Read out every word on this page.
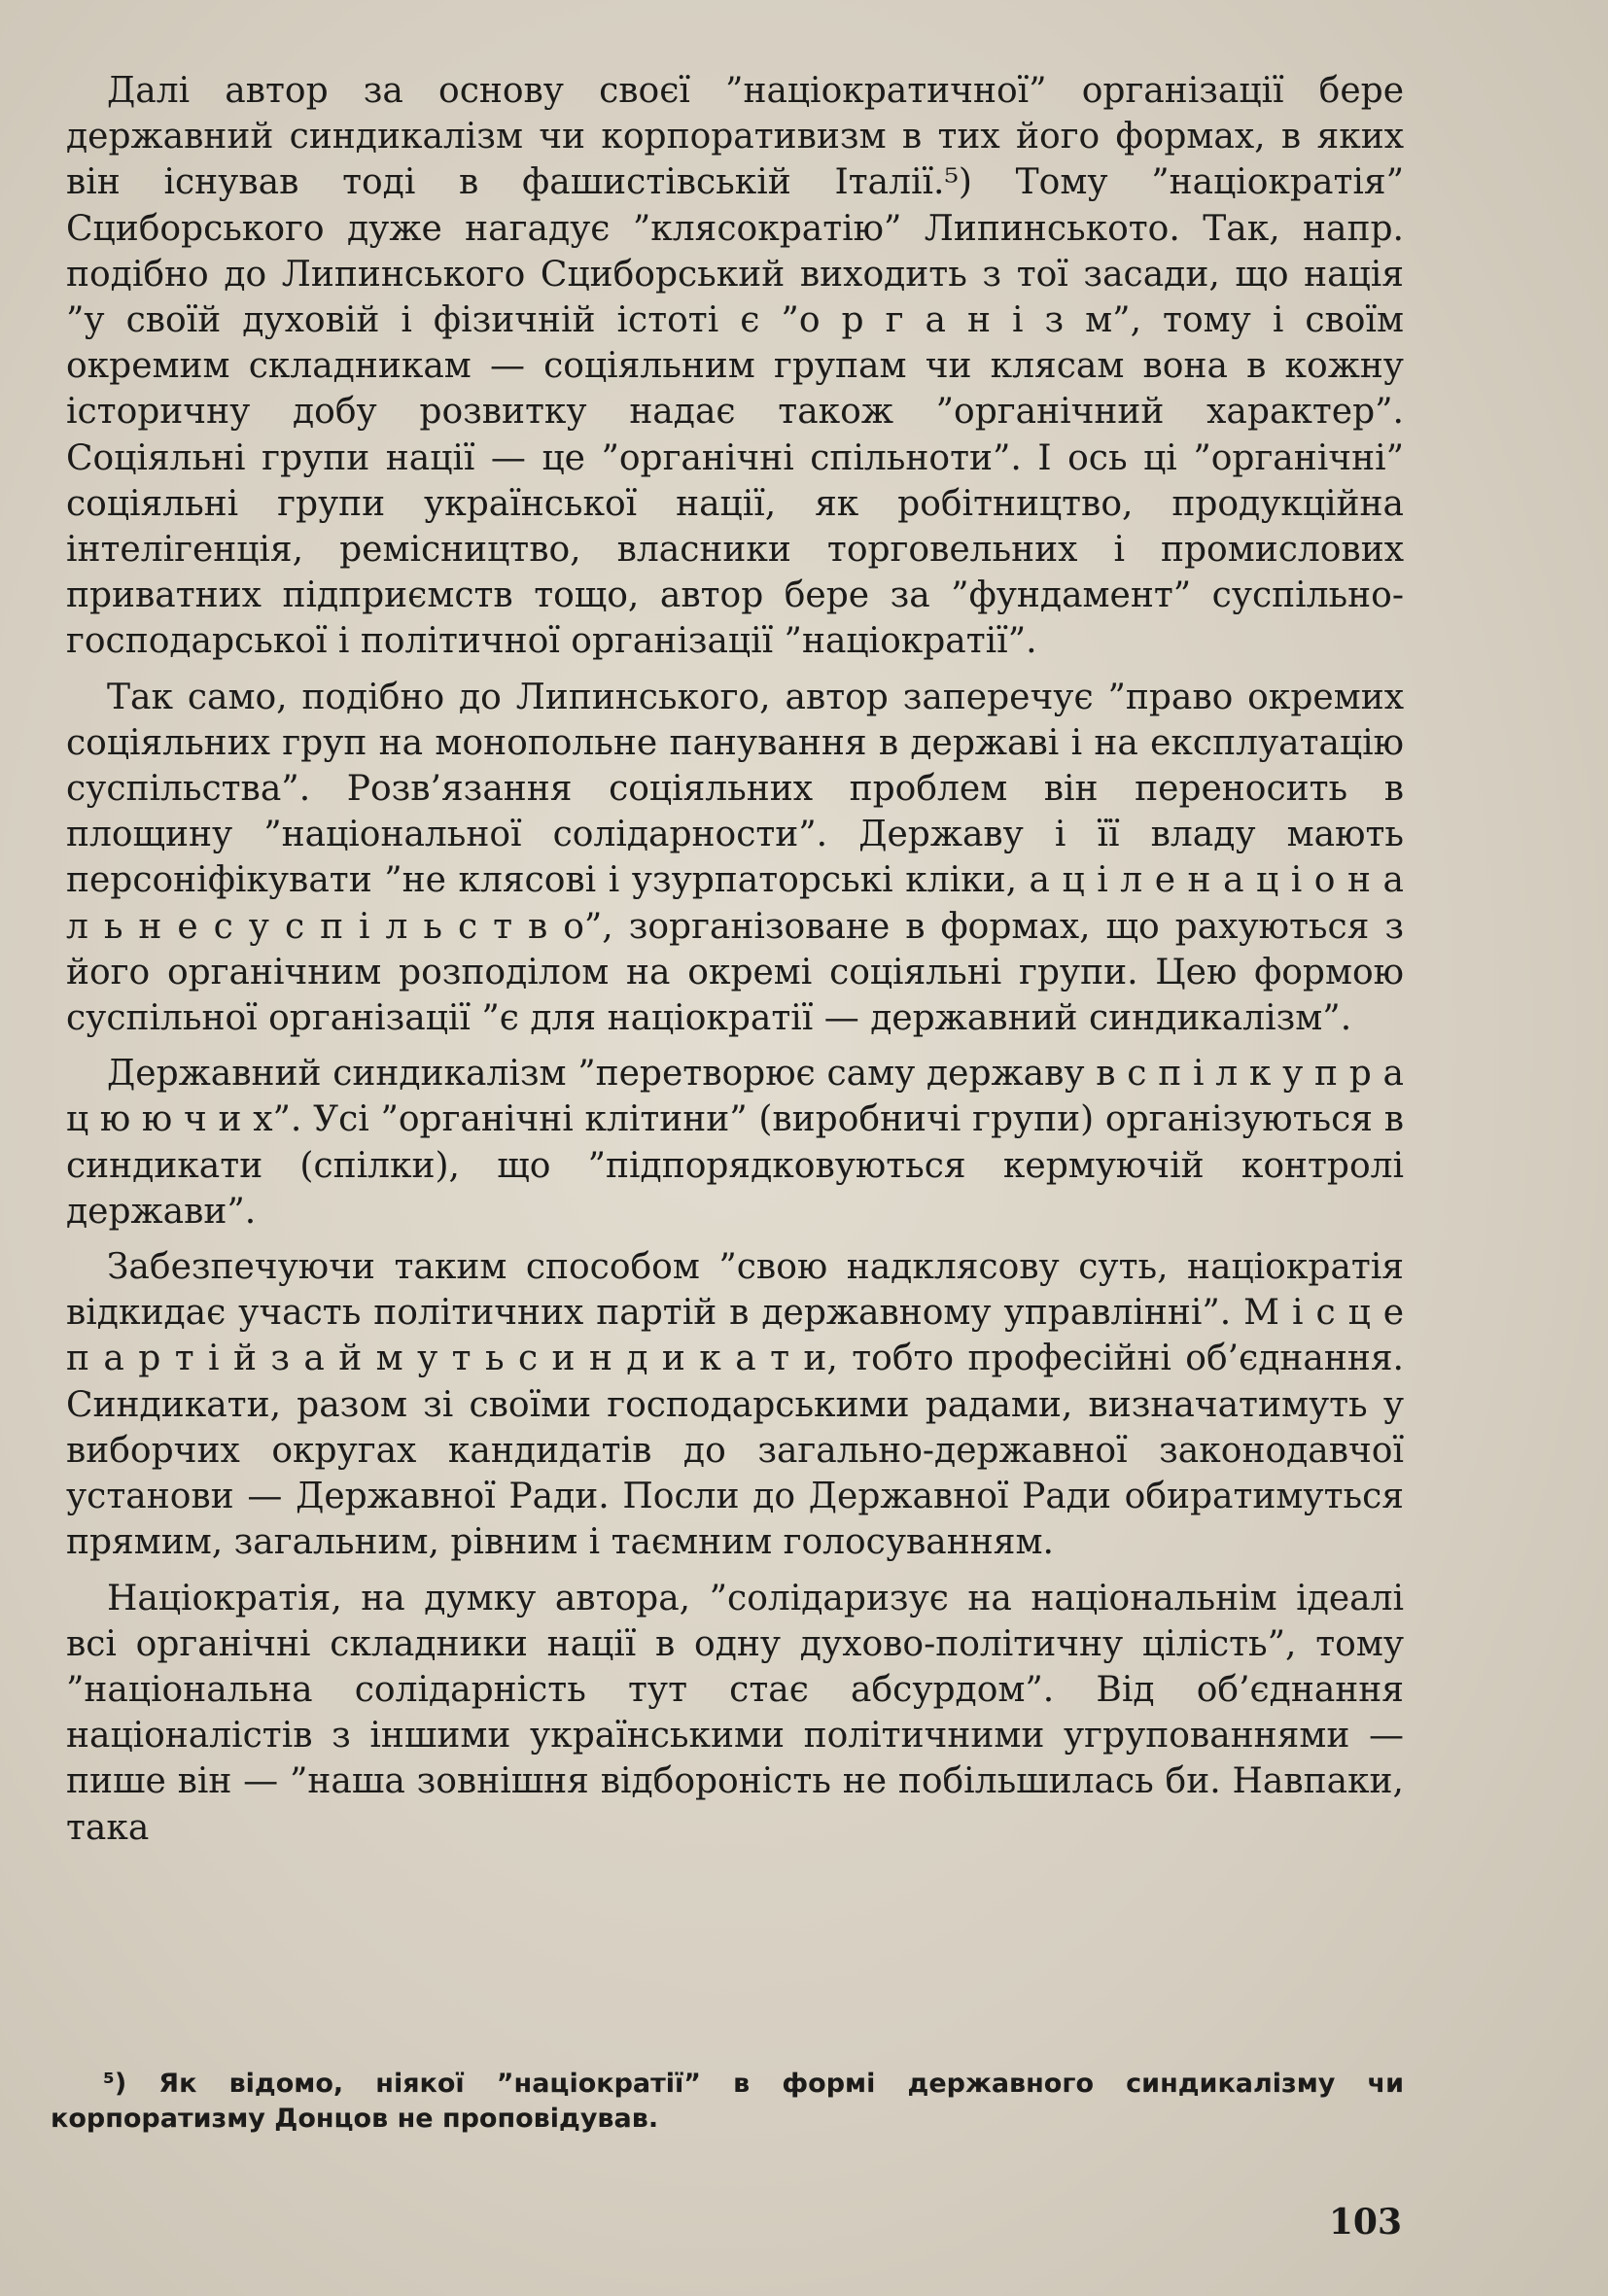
Далі автор за основу своєї ”націократичної” організації бере державний синдикалізм чи корпоративизм в тих його формах, в яких він існував тоді в фашистівській Італії.⁵) Тому ”націократія” Сциборського дуже нагадує ”клясократію” Липинськото. Так, напр. подібно до Липинського Сциборський виходить з тої засади, що нація ”у своїй духовій і фізичній істоті є ”о р г а н і з м”, тому і своїм окремим складникам — соціяльним групам чи клясам вона в кожну історичну добу розвитку надає також ”органічний характер”. Соціяльні групи нації — це ”органічні спільноти”. І ось ці ”органічні” соціяльні групи української нації, як робітництво, продукційна інтелігенція, ремісництво, власники торговельних і промислових приватних підприємств тощо, автор бере за ”фундамент” суспільно-господарської і політичної організації ”націократії”.

Так само, подібно до Липинського, автор заперечує ”право окремих соціяльних груп на монопольне панування в державі і на експлуатацію суспільства”. Розв’язання соціяльних проблем він переносить в площину ”національної солідарности”. Державу і її владу мають персоніфікувати ”не клясові і узурпаторські кліки, а ц і л е н а ц і о н а л ь н е с у с п і л ь с т в о”, зорганізоване в формах, що рахуються з його органічним розподілом на окремі соціяльні групи. Цею формою суспільної організації ”є для націократії — державний синдикалізм”.

Державний синдикалізм ”перетворює саму державу в с п і л к у п р а ц ю ю ч и х”. Усі ”органічні клітини” (виробничі групи) організуються в синдикати (спілки), що ”підпорядковуються кермуючій контролі держави”.

Забезпечуючи таким способом ”свою надклясову суть, націократія відкидає участь політичних партій в державному управлінні”. М і с ц е п а р т і й з а й м у т ь с и н д и к а т и, тобто професійні об’єднання. Синдикати, разом зі своїми господарськими радами, визначатимуть у виборчих округах кандидатів до загально-державної законодавчої установи — Державної Ради. Посли до Державної Ради обиратимуться прямим, загальним, рівним і таємним голосуванням.

Націократія, на думку автора, ”солідаризує на національнім ідеалі всі органічні складники нації в одну духово-політичну цілість”, тому ”національна солідарність тут стає абсурдом”. Від об’єднання націоналістів з іншими українськими політичними угрупованнями — пише він — ”наша зовнішня відбороність не побільшилась би. Навпаки, така

⁵) Як відомо, ніякої ”націократії” в формі державного синдикалізму чи корпоратизму Донцов не проповідував.

103
